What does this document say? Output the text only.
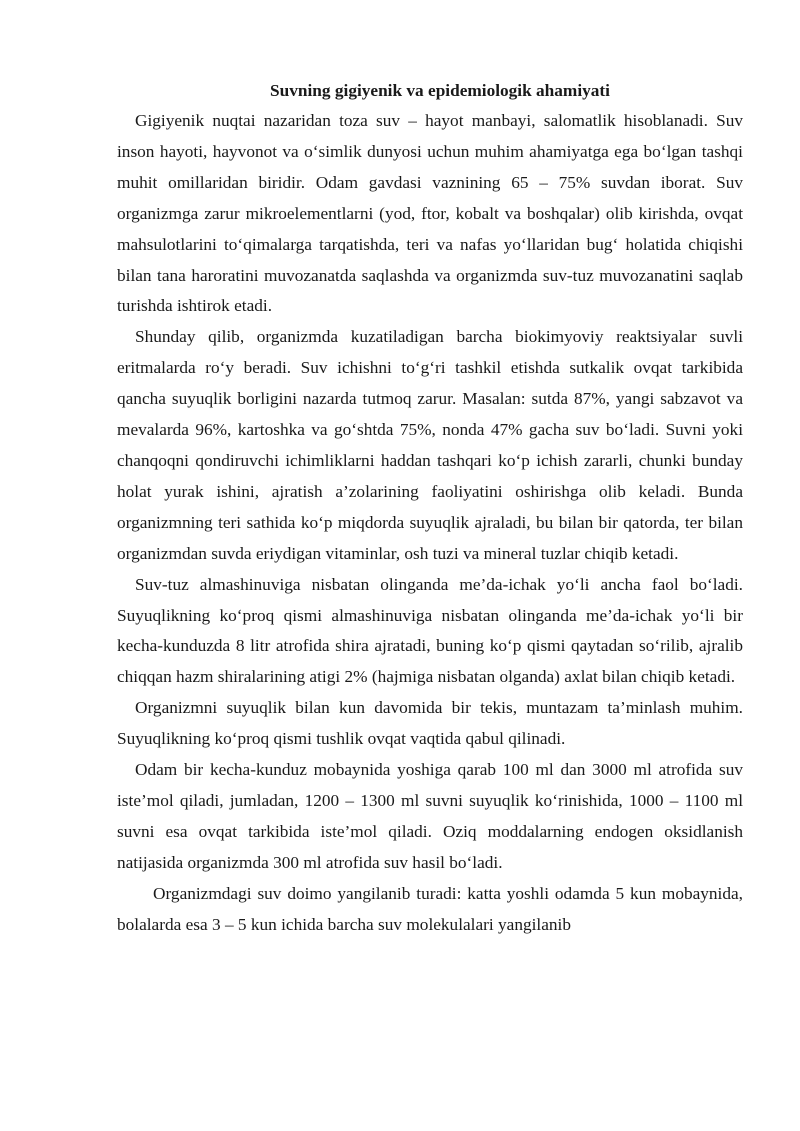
Suvning gigiyenik va epidemiologik ahamiyati

Gigiyenik nuqtai nazaridan toza suv – hayot manbayi, salomatlik hisoblanadi. Suv inson hayoti, hayvonot va o‘simlik dunyosi uchun muhim ahamiyatga ega bo‘lgan tashqi muhit omillaridan biridir. Odam gavdasi vaznining 65 – 75% suvdan iborat. Suv organizmga zarur mikroelementlarni (yod, ftor, kobalt va boshqalar) olib kirishda, ovqat mahsulotlarini to‘qimalarga tarqatishda, teri va nafas yo‘llaridan bug‘ holatida chiqishi bilan tana haroratini muvozanatda saqlashda va organizmda suv-tuz muvozanatini saqlab turishda ishtirok etadi.

Shunday qilib, organizmda kuzatiladigan barcha biokimyoviy reaktsiyalar suvli eritmalarda ro‘y beradi. Suv ichishni to‘g‘ri tashkil etishda sutkalik ovqat tarkibida qancha suyuqlik borligini nazarda tutmoq zarur. Masalan: sutda 87%, yangi sabzavot va mevalarda 96%, kartoshka va go‘shtda 75%, nonda 47% gacha suv bo‘ladi. Suvni yoki chanqoqni qondiruvchi ichimliklarni haddan tashqari ko‘p ichish zararli, chunki bunday holat yurak ishini, ajratish a’zolarining faoliyatini oshirishga olib keladi. Bunda organizmning teri sathida ko‘p miqdorda suyuqlik ajraladi, bu bilan bir qatorda, ter bilan organizmdan suvda eriydigan vitaminlar, osh tuzi va mineral tuzlar chiqib ketadi.

Suv-tuz almashinuviga nisbatan olinganda me’da-ichak yo‘li ancha faol bo‘ladi. Suyuqlikning ko‘proq qismi almashinuviga nisbatan olinganda me’da-ichak yo‘li bir kecha-kunduzda 8 litr atrofida shira ajratadi, buning ko‘p qismi qaytadan so‘rilib, ajralib chiqqan hazm shiralarining atigi 2% (hajmiga nisbatan olganda) axlat bilan chiqib ketadi.

Organizmni suyuqlik bilan kun davomida bir tekis, muntazam ta’minlash muhim. Suyuqlikning ko‘proq qismi tushlik ovqat vaqtida qabul qilinadi.

Odam bir kecha-kunduz mobaynida yoshiga qarab 100 ml dan 3000 ml atrofida suv iste’mol qiladi, jumladan, 1200 – 1300 ml suvni suyuqlik ko‘rinishida, 1000 – 1100 ml suvni esa ovqat tarkibida iste’mol qiladi. Oziq moddalarning endogen oksidlanish natijasida organizmda 300 ml atrofida suv hasil bo‘ladi.

Organizmdagi suv doimo yangilanib turadi: katta yoshli odamda 5 kun mobaynida, bolalarda esa 3 – 5 kun ichida barcha suv molekulalari yangilanib
